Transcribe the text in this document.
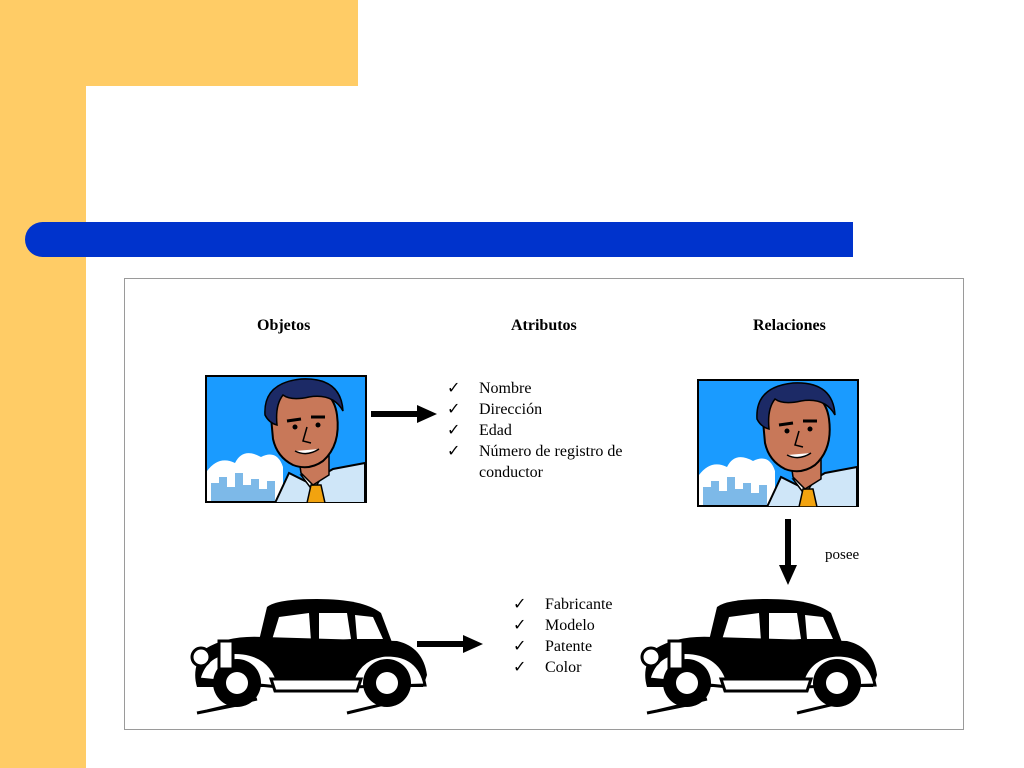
Objetos	Atributos	Relaciones
✓ Nombre
✓ Dirección
✓ Edad
✓ Número de registro de
conductor
posee
✓ Fabricante
✓ Modelo
✓ Patente
✓ Color
